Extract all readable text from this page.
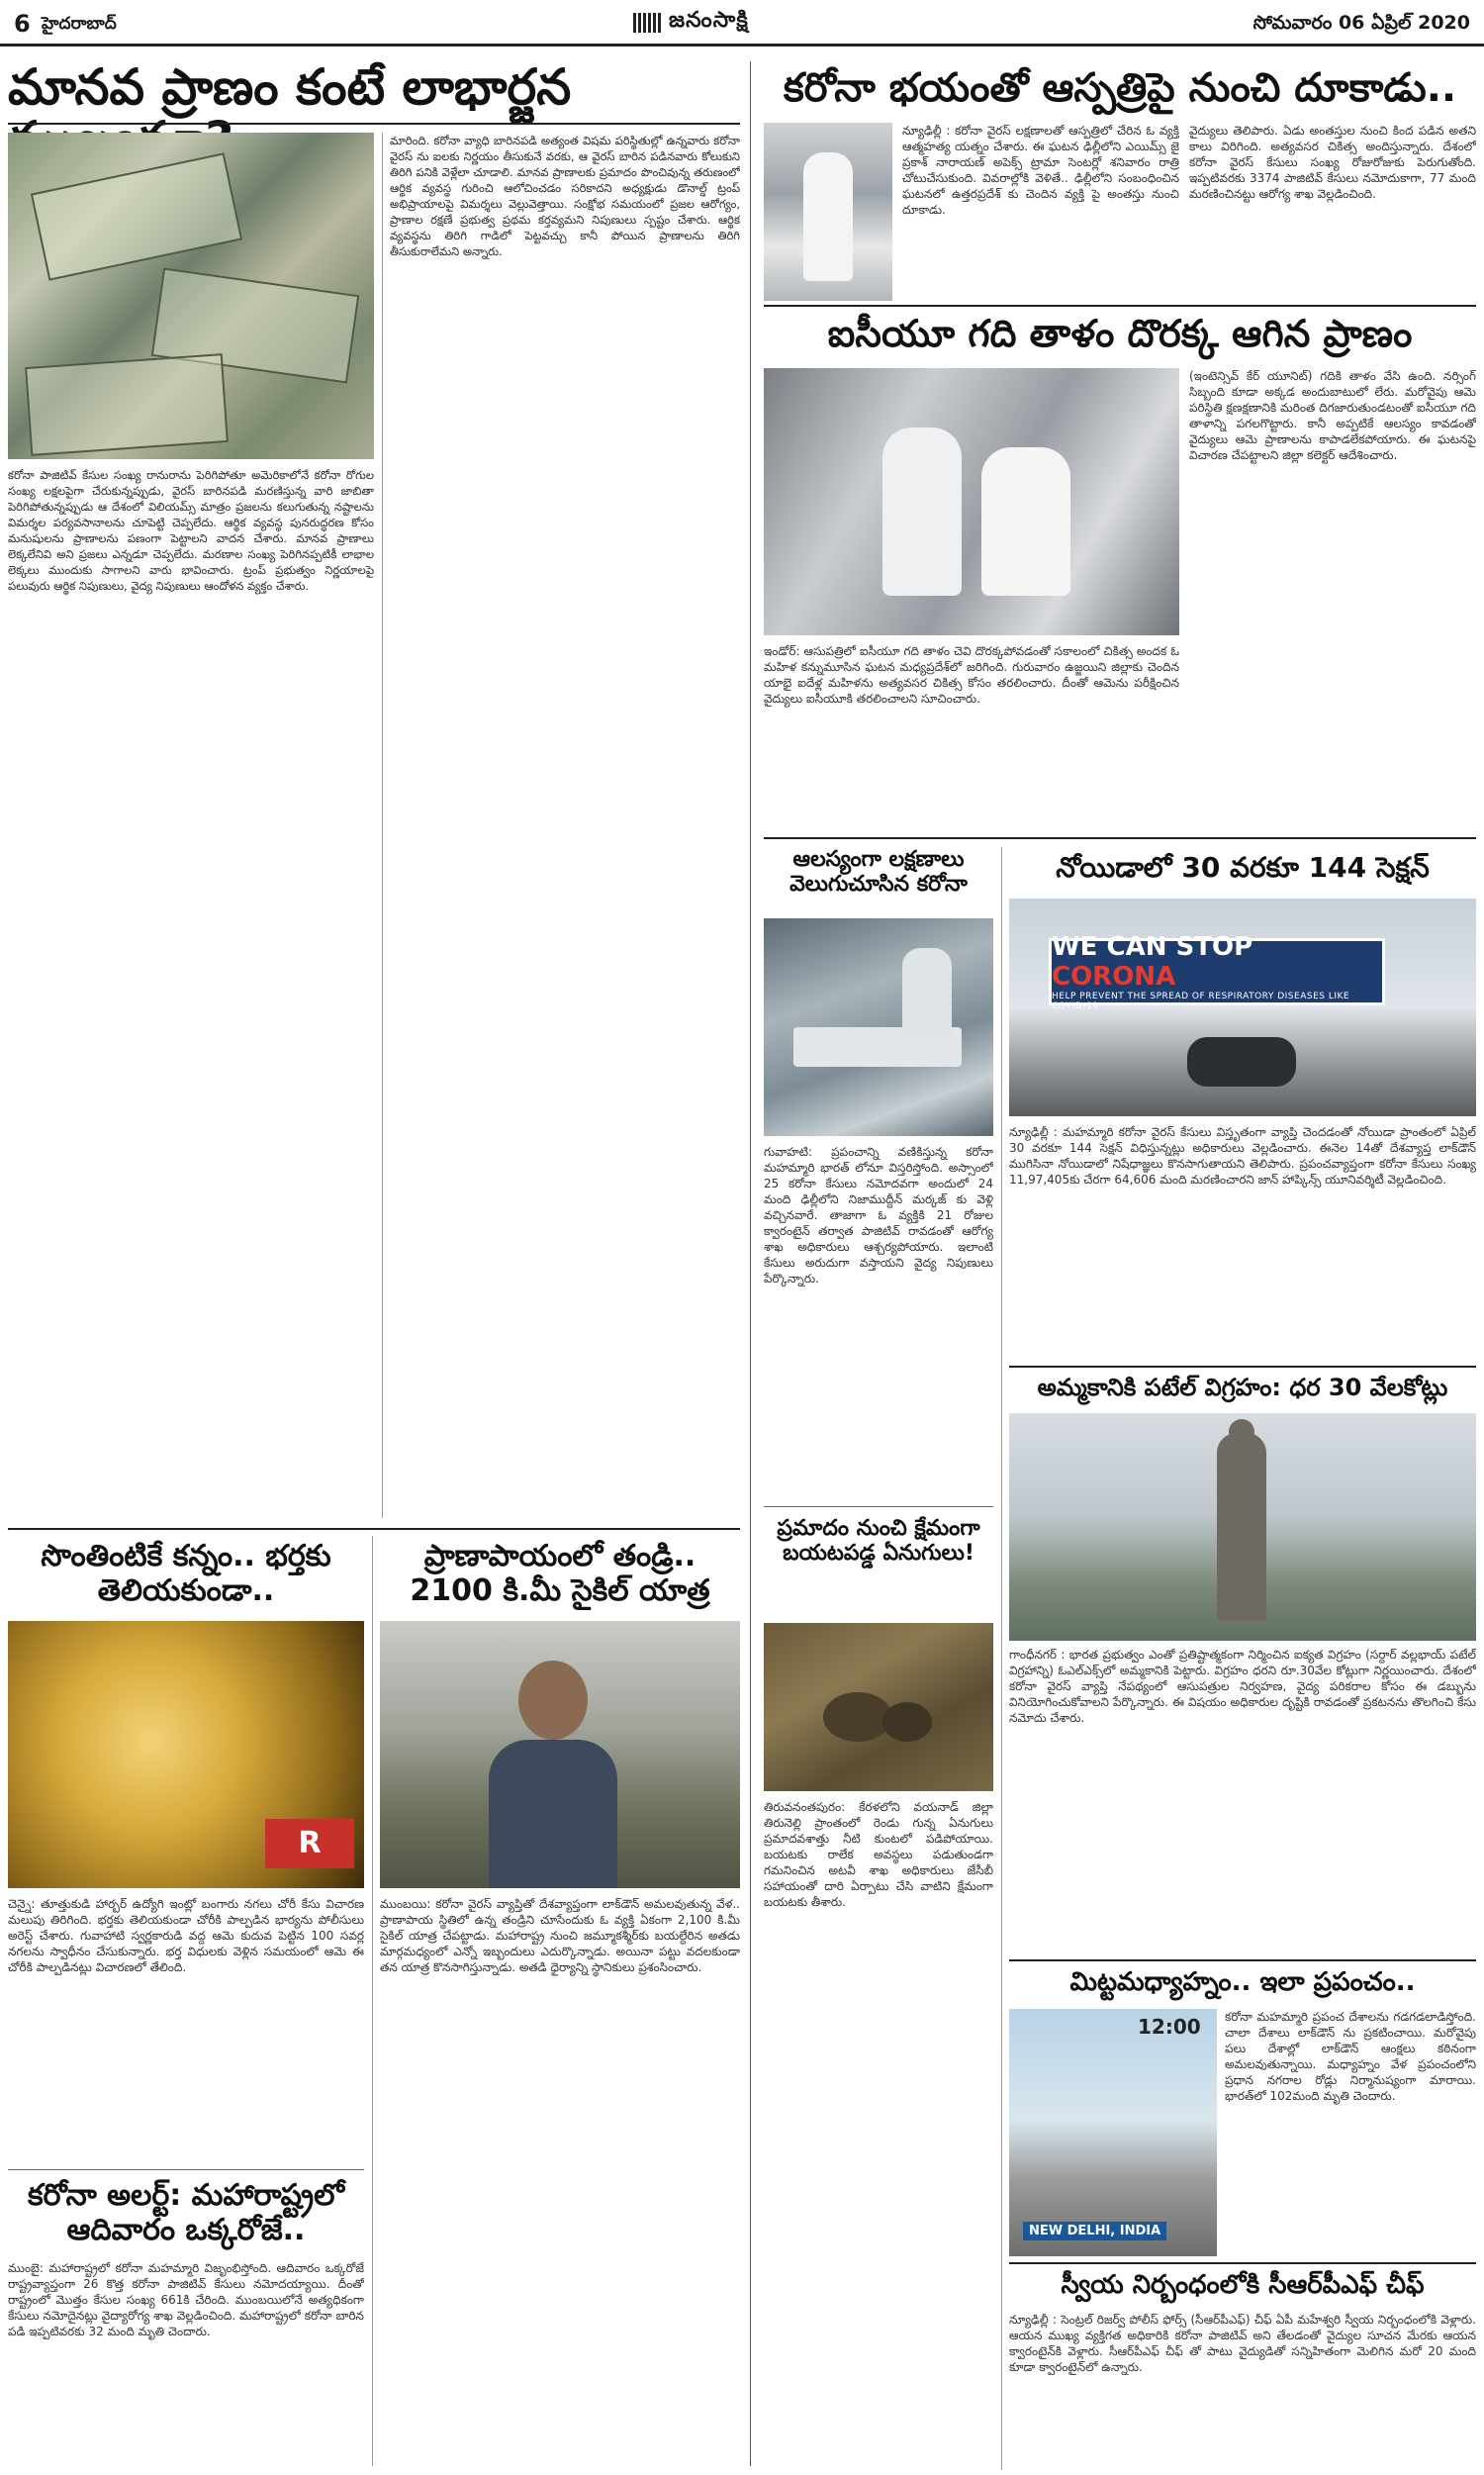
6 హైదరాబాద్	జనంసాక్షి	సోమవారం 06 ఏప్రిల్ 2020
మానవ ప్రాణం కంటే లాభార్జన
కరోనా పాజిటివ్ కేసుల సంఖ్య రానురాను పెరిగిపోతూ అమెరికాలోనే కరోనా రోగుల సంఖ్య లక్షలపైగా చేరుకున్నప్పుడు, వైరస్ బారినపడి మరణిస్తున్న వారి జాబితా పెరిగిపోతున్నప్పుడు ఆ దేశంలో విలియమ్స్ మాత్రం ప్రజలను కలుగుతున్న నష్టాలను విమర్శల పర్యవసానాలను చూపెట్టి చెప్పలేదు. ఆర్థిక వ్యవస్థ పునరుద్ధరణ కోసం మనుషులను ప్రాణాలను పణంగా పెట్టాలని వాదన చేశారు. మానవ ప్రాణాలు లెక్కలేనివి అని ప్రజలు ఎన్నడూ చెప్పలేదు. మరణాల సంఖ్య పెరిగినప్పటికీ లాభాల లెక్కలు ముందుకు సాగాలని వారు భావించారు. ట్రంప్ ప్రభుత్వం నిర్ణయాలపై పలువురు ఆర్థిక నిపుణులు, వైద్య నిపుణులు ఆందోళన వ్యక్తం చేశారు.
మారింది. కరోనా వ్యాధి బారినపడి అత్యంత విషమ పరిస్థితుల్లో ఉన్నవారు కరోనా వైరస్ ను ఐలకు నిర్ణయం తీసుకునే వరకు, ఆ వైరస్ బారిన పడినవారు కోలుకుని తిరిగి పనికి వెళ్లేలా చూడాలి. మానవ ప్రాణాలకు ప్రమాదం పొంచివున్న తరుణంలో ఆర్థిక వ్యవస్థ గురించి ఆలోచించడం సరికాదని అధ్యక్షుడు డొనాల్డ్ ట్రంప్ అభిప్రాయాలపై విమర్శలు వెల్లువెత్తాయి. సంక్షోభ సమయంలో ప్రజల ఆరోగ్యం, ప్రాణాల రక్షణే ప్రభుత్వ ప్రథమ కర్తవ్యమని నిపుణులు స్పష్టం చేశారు. ఆర్థిక వ్యవస్థను తిరిగి గాడిలో పెట్టవచ్చు కానీ పోయిన ప్రాణాలను తిరిగి తీసుకురాలేమని అన్నారు.
కరోనా భయంతో ఆస్పత్రిపై నుంచి దూకాడు..
న్యూఢిల్లీ : కరోనా వైరస్ లక్షణాలతో ఆస్పత్రిలో చేరిన ఓ వ్యక్తి ఆత్మహత్య యత్నం చేశారు. ఈ ఘటన ఢిల్లీలోని ఎయిమ్స్ జై ప్రకాశ్ నారాయణ్ అపెక్స్ ట్రామా సెంటర్లో శనివారం రాత్రి చోటుచేసుకుంది. వివరాల్లోకి వెళితే.. ఢిల్లీలోని సంబంధించిన ఘటనలో ఉత్తరప్రదేశ్ కు చెందిన వ్యక్తి పై అంతస్తు నుంచి దూకాడు.
వైద్యులు తెలిపారు. ఏడు అంతస్తుల నుంచి కింద పడిన అతని కాలు విరిగింది. అత్యవసర చికిత్స అందిస్తున్నారు. దేశంలో కరోనా వైరస్ కేసులు సంఖ్య రోజురోజుకు పెరుగుతోంది. ఇప్పటివరకు 3374 పాజిటివ్ కేసులు నమోదుకాగా, 77 మంది మరణించినట్టు ఆరోగ్య శాఖ వెల్లడించింది.
ఐసీయూ గది తాళం దొరక్క ఆగిన ప్రాణం
ఇండోర్: ఆసుపత్రిలో ఐసీయూ గది తాళం చెవి దొరక్కపోవడంతో సకాలంలో చికిత్స అందక ఓ మహిళ కన్నుమూసిన ఘటన మధ్యప్రదేశ్‌లో జరిగింది. గురువారం ఉజ్జయిని జిల్లాకు చెందిన యాభై ఐదేళ్ల మహిళను అత్యవసర చికిత్స కోసం తరలించారు. దీంతో ఆమెను పరీక్షించిన వైద్యులు ఐసీయూకి తరలించాలని సూచించారు.
(ఇంటెన్సివ్ కేర్ యూనిట్) గదికి తాళం వేసి ఉంది. నర్సింగ్ సిబ్బంది కూడా అక్కడ అందుబాటులో లేరు. మరోవైపు ఆమె పరిస్థితి క్షణక్షణానికి మరింత దిగజారుతుండటంతో ఐసీయూ గది తాళాన్ని పగలగొట్టారు. కానీ అప్పటికే ఆలస్యం కావడంతో వైద్యులు ఆమె ప్రాణాలను కాపాడలేకపోయారు. ఈ ఘటనపై విచారణ చేపట్టాలని జిల్లా కలెక్టర్ ఆదేశించారు.
ఆలస్యంగా లక్షణాలు వెలుగుచూసిన కరోనా
గువాహటి: ప్రపంచాన్ని వణికిస్తున్న కరోనా మహమ్మారి భారత్ లోనూ విస్తరిస్తోంది. అస్సాంలో 25 కరోనా కేసులు నమోదవగా అందులో 24 మంది ఢిల్లీలోని నిజాముద్దీన్ మర్కజ్ కు వెళ్లి వచ్చినవారే. తాజాగా ఓ వ్యక్తికి 21 రోజుల క్వారంటైన్ తర్వాత పాజిటివ్ రావడంతో ఆరోగ్య శాఖ అధికారులు ఆశ్చర్యపోయారు. ఇలాంటి కేసులు అరుదుగా వస్తాయని వైద్య నిపుణులు పేర్కొన్నారు.
ప్రమాదం నుంచి క్షేమంగా బయటపడ్డ ఏనుగులు!
తిరువనంతపురం: కేరళలోని వయనాడ్ జిల్లా తిరునెల్లి ప్రాంతంలో రెండు గున్న ఏనుగులు ప్రమాదవశాత్తు నీటి కుంటలో పడిపోయాయి. బయటకు రాలేక అవస్థలు పడుతుండగా గమనించిన అటవీ శాఖ అధికారులు జేసీబీ సహాయంతో దారి ఏర్పాటు చేసి వాటిని క్షేమంగా బయటకు తీశారు.
నోయిడాలో 30 వరకూ 144 సెక్షన్
WE CAN STOP CORONA
HELP PREVENT THE SPREAD OF RESPIRATORY DISEASES LIKE COVID-19
న్యూఢిల్లీ : మహమ్మారి కరోనా వైరస్ కేసులు విస్తృతంగా వ్యాప్తి చెందడంతో నోయిడా ప్రాంతంలో ఏప్రిల్ 30 వరకూ 144 సెక్షన్ విధిస్తున్నట్లు అధికారులు వెల్లడించారు. ఈనెల 14తో దేశవ్యాప్త లాక్‌డౌన్ ముగిసినా నోయిడాలో నిషేధాజ్ఞలు కొనసాగుతాయని తెలిపారు. ప్రపంచవ్యాప్తంగా కరోనా కేసులు సంఖ్య 11,97,405కు చేరగా 64,606 మంది మరణించారని జాన్ హాప్కిన్స్ యూనివర్శిటీ వెల్లడించింది.
అమ్మకానికి పటేల్ విగ్రహం: ధర 30 వేలకోట్లు
గాంధీనగర్ : భారత ప్రభుత్వం ఎంతో ప్రతిష్టాత్మకంగా నిర్మించిన ఐక్యత విగ్రహం (సర్దార్ వల్లభాయ్ పటేల్ విగ్రహాన్ని) ఓఎల్ఎక్స్‌లో అమ్మకానికి పెట్టారు. విగ్రహం ధరని రూ.30వేల కోట్లుగా నిర్ణయించారు. దేశంలో కరోనా వైరస్ వ్యాప్తి నేపథ్యంలో ఆసుపత్రుల నిర్వహణ, వైద్య పరికరాల కోసం ఈ డబ్బును వినియోగించుకోవాలని పేర్కొన్నారు. ఈ విషయం అధికారుల దృష్టికి రావడంతో ప్రకటనను తొలగించి కేసు నమోదు చేశారు.
మిట్టమధ్యాహ్నం.. ఇలా ప్రపంచం..
12:00
NEW DELHI, INDIA
కరోనా మహమ్మారి ప్రపంచ దేశాలను గడగడలాడిస్తోంది. చాలా దేశాలు లాక్‌డౌన్ ను ప్రకటించాయి. మరోవైపు పలు దేశాల్లో లాక్‌డౌన్ ఆంక్షలు కఠినంగా అమలవుతున్నాయి. మధ్యాహ్నం వేళ ప్రపంచంలోని ప్రధాన నగరాల రోడ్లు నిర్మానుష్యంగా మారాయి. భారత్‌లో 102మంది మృతి చెందారు.
స్వీయ నిర్బంధంలోకి సీఆర్‌పీఎఫ్ చీఫ్
న్యూఢిల్లీ : సెంట్రల్ రిజర్వ్ పోలీస్ ఫోర్స్ (సీఆర్‌పీఎఫ్) చీఫ్ ఏపీ మహేశ్వరి స్వీయ నిర్బంధంలోకి వెళ్లారు. ఆయన ముఖ్య వ్యక్తిగత అధికారికి కరోనా పాజిటివ్ అని తేలడంతో వైద్యుల సూచన మేరకు ఆయన క్వారంటైన్‌కి వెళ్లారు. సీఆర్‌పీఎఫ్ చీఫ్ తో పాటు వైద్యుడితో సన్నిహితంగా మెలిగిన మరో 20 మంది కూడా క్వారంటైన్‌లో ఉన్నారు.
సొంతింటికే కన్నం.. భర్తకు తెలియకుండా..
R
చెన్నై: తూత్తుకుడి హార్బర్ ఉద్యోగి ఇంట్లో బంగారు నగలు చోరీ కేసు విచారణ మలుపు తిరిగింది. భర్తకు తెలియకుండా చోరీకి పాల్పడిన భార్యను పోలీసులు అరెస్ట్ చేశారు. గువాహాటి స్వర్ణకారుడి వద్ద ఆమె కుదువ పెట్టిన 100 సవర్ల నగలను స్వాధీనం చేసుకున్నారు. భర్త విధులకు వెళ్లిన సమయంలో ఆమె ఈ చోరీకి పాల్పడినట్లు విచారణలో తేలింది.
కరోనా అలర్ట్: మహారాష్ట్రలో ఆదివారం ఒక్కరోజే..
ముంబై: మహారాష్ట్రలో కరోనా మహమ్మారి విజృంభిస్తోంది. ఆదివారం ఒక్కరోజే రాష్ట్రవ్యాప్తంగా 26 కొత్త కరోనా పాజిటివ్ కేసులు నమోదయ్యాయి. దీంతో రాష్ట్రంలో మొత్తం కేసుల సంఖ్య 661కి చేరింది. ముంబయిలోనే అత్యధికంగా కేసులు నమోదైనట్లు వైద్యారోగ్య శాఖ వెల్లడించింది. మహారాష్ట్రలో కరోనా బారిన పడి ఇప్పటివరకు 32 మంది మృతి చెందారు.
ప్రాణాపాయంలో తండ్రి.. 2100 కి.మీ సైకిల్ యాత్ర
ముంబయి: కరోనా వైరస్ వ్యాప్తితో దేశవ్యాప్తంగా లాక్‌డౌన్ అమలవుతున్న వేళ.. ప్రాణాపాయ స్థితిలో ఉన్న తండ్రిని చూసేందుకు ఓ వ్యక్తి ఏకంగా 2,100 కి.మీ సైకిల్ యాత్ర చేపట్టాడు. మహారాష్ట్ర నుంచి జమ్మూకశ్మీర్‌కు బయల్దేరిన అతడు మార్గమధ్యంలో ఎన్నో ఇబ్బందులు ఎదుర్కొన్నాడు. అయినా పట్టు వదలకుండా తన యాత్ర కొనసాగిస్తున్నాడు. అతడి ధైర్యాన్ని స్థానికులు ప్రశంసించారు.
